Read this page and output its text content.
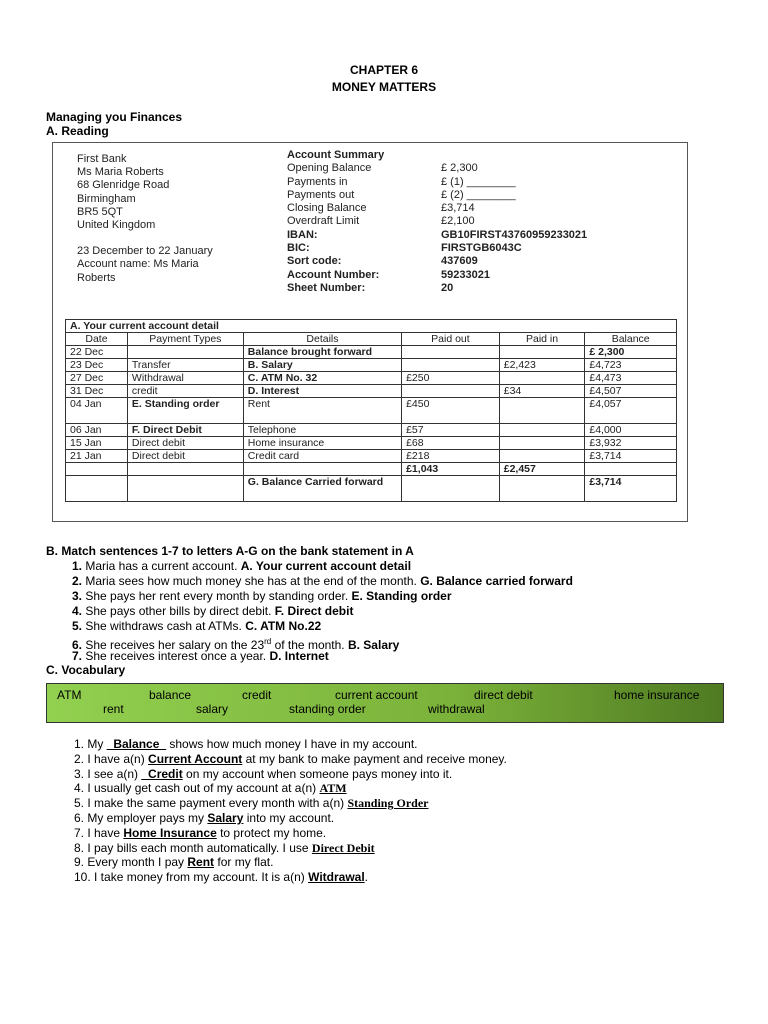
CHAPTER 6
MONEY MATTERS
Managing you Finances
A. Reading
First Bank
Ms Maria Roberts
68 Glenridge Road
Birmingham
BR5 5QT
United Kingdom
23 December to 22 January
Account name: Ms Maria
Roberts
Account Summary
Opening Balance	£ 2,300
Payments in	£ (1) ________
Payments out	£ (2) ________
Closing Balance	£3,714
Overdraft Limit	£2,100
IBAN:	GB10FIRST43760959233021
BIC:	FIRSTGB6043C
Sort code:	437609
Account Number:	59233021
Sheet Number:	20
A. Your current account detail					
Date	Payment Types	Details	Paid out	Paid in	Balance
22 Dec		Balance brought forward			£ 2,300
23 Dec	Transfer	B. Salary		£2,423	£4,723
27 Dec	Withdrawal	C. ATM No. 32	£250		£4,473
31 Dec	credit	D. Interest		£34	£4,507
04 Jan	E. Standing order	Rent	£450		£4,057
06 Jan	F. Direct Debit	Telephone	£57		£4,000
15 Jan	Direct debit	Home insurance	£68		£3,932
21 Jan	Direct debit	Credit card	£218		£3,714
			£1,043	£2,457	
		G. Balance Carried forward			£3,714
B. Match sentences 1-7 to letters A-G on the bank statement in A
1. Maria has a current account. A. Your current account detail
2. Maria sees how much money she has at the end of the month. G. Balance carried forward
3. She pays her rent every month by standing order. E. Standing order
4. She pays other bills by direct debit. F. Direct debit
5. She withdraws cash at ATMs. C. ATM No.22
6. She receives her salary on the 23rd of the month. B. Salary
7. She receives interest once a year. D. Internet
C. Vocabulary
ATM	balance	credit	current account	direct debit	home insurance
rent	salary	standing order	withdrawal
1. My _Balance_ shows how much money I have in my account.
2. I have a(n) Current Account at my bank to make payment and receive money.
3. I see a(n) _Credit on my account when someone pays money into it.
4. I usually get cash out of my account at a(n) ATM
5. I make the same payment every month with a(n) Standing Order
6. My employer pays my Salary into my account.
7. I have Home Insurance to protect my home.
8. I pay bills each month automatically. I use Direct Debit
9. Every month I pay Rent for my flat.
10. I take money from my account. It is a(n) Witdrawal.
